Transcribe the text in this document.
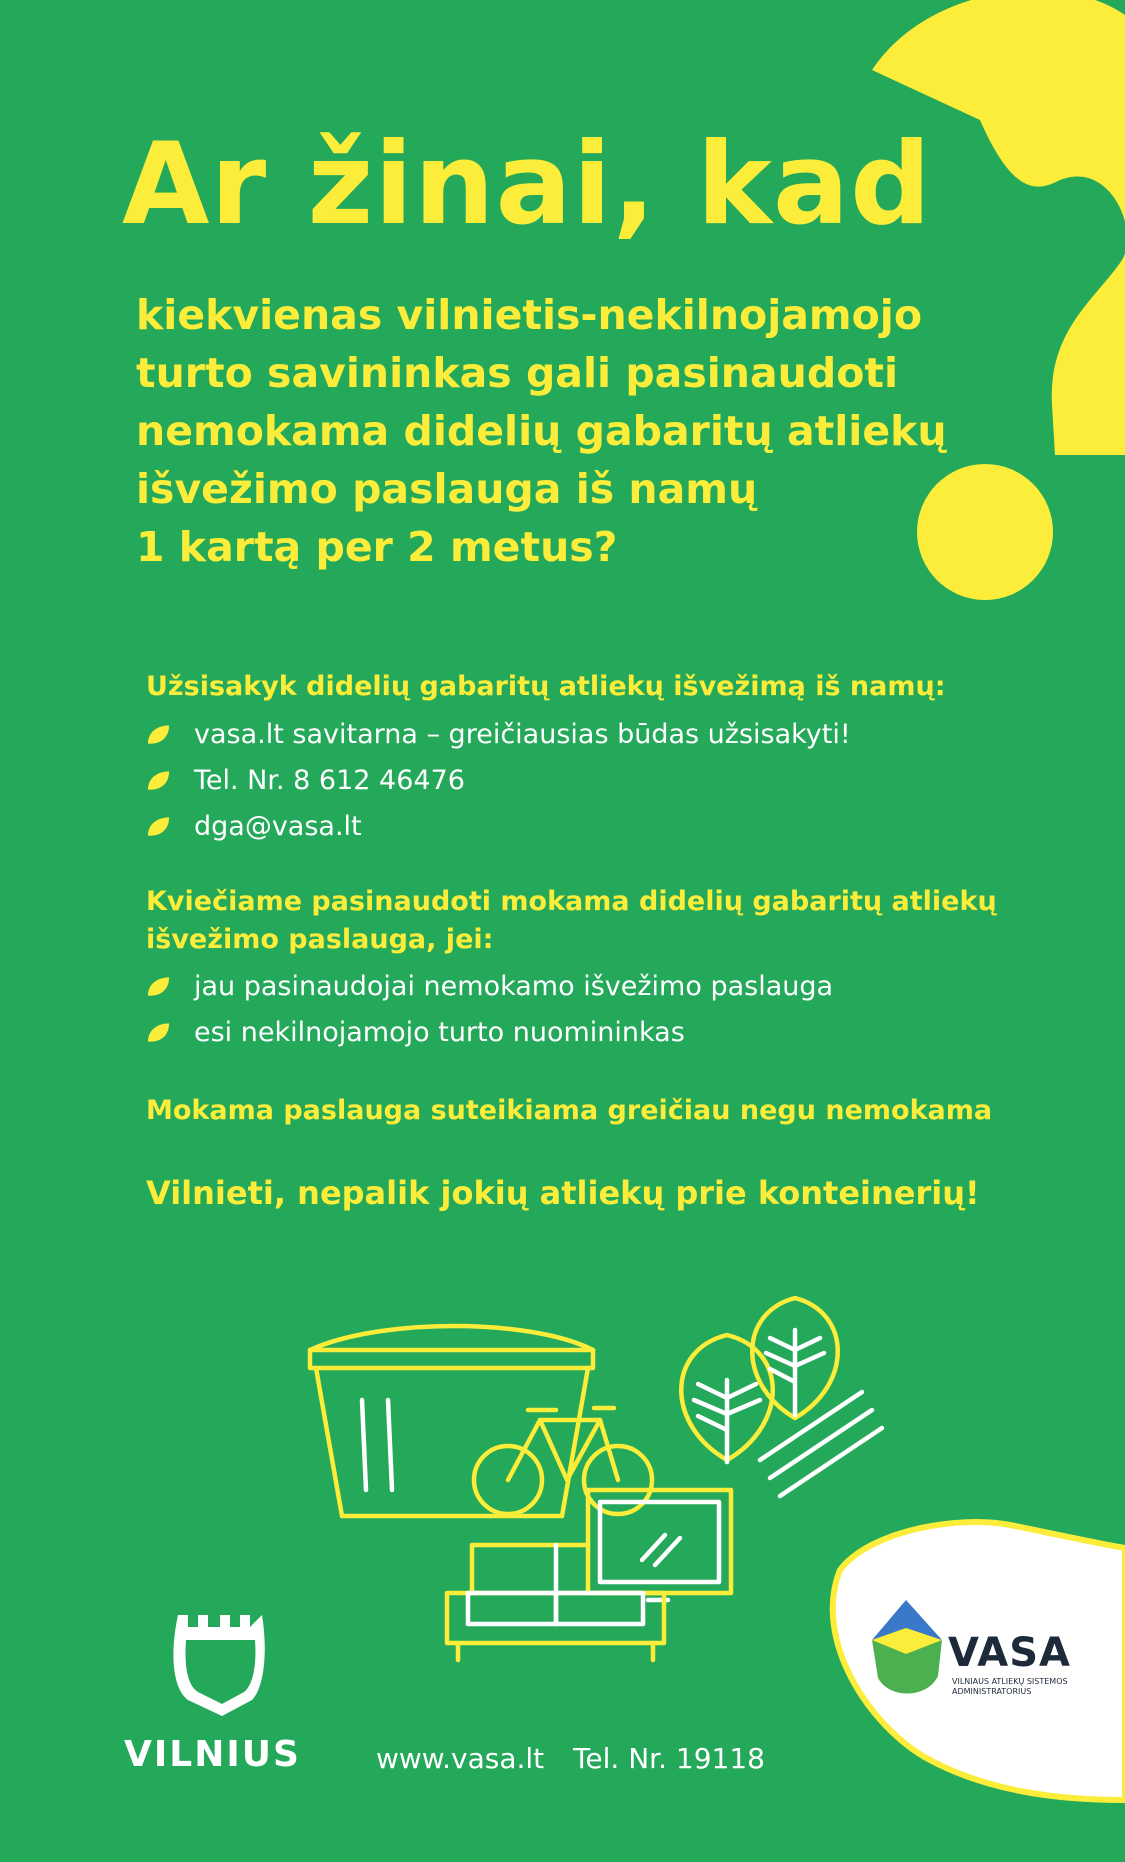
Ar žinai, kad
kiekvienas vilnietis-nekilnojamojo
turto savininkas gali pasinaudoti
nemokama didelių gabaritų atliekų
išvežimo paslauga iš namų
1 kartą per 2 metus?
Užsisakyk didelių gabaritų atliekų išvežimą iš namų:
vasa.lt savitarna – greičiausias būdas užsisakyti!
Tel. Nr. 8 612 46476
dga@vasa.lt
Kviečiame pasinaudoti mokama didelių gabaritų atliekų
išvežimo paslauga, jei:
jau pasinaudojai nemokamo išvežimo paslauga
esi nekilnojamojo turto nuomininkas
Mokama paslauga suteikiama greičiau negu nemokama
Vilnieti, nepalik jokių atliekų prie konteinerių!
VILNIUS	www.vasa.lt Tel. Nr. 19118
VASA
VILNIAUS ATLIEKŲ SISTEMOS ADMINISTRATORIUS
